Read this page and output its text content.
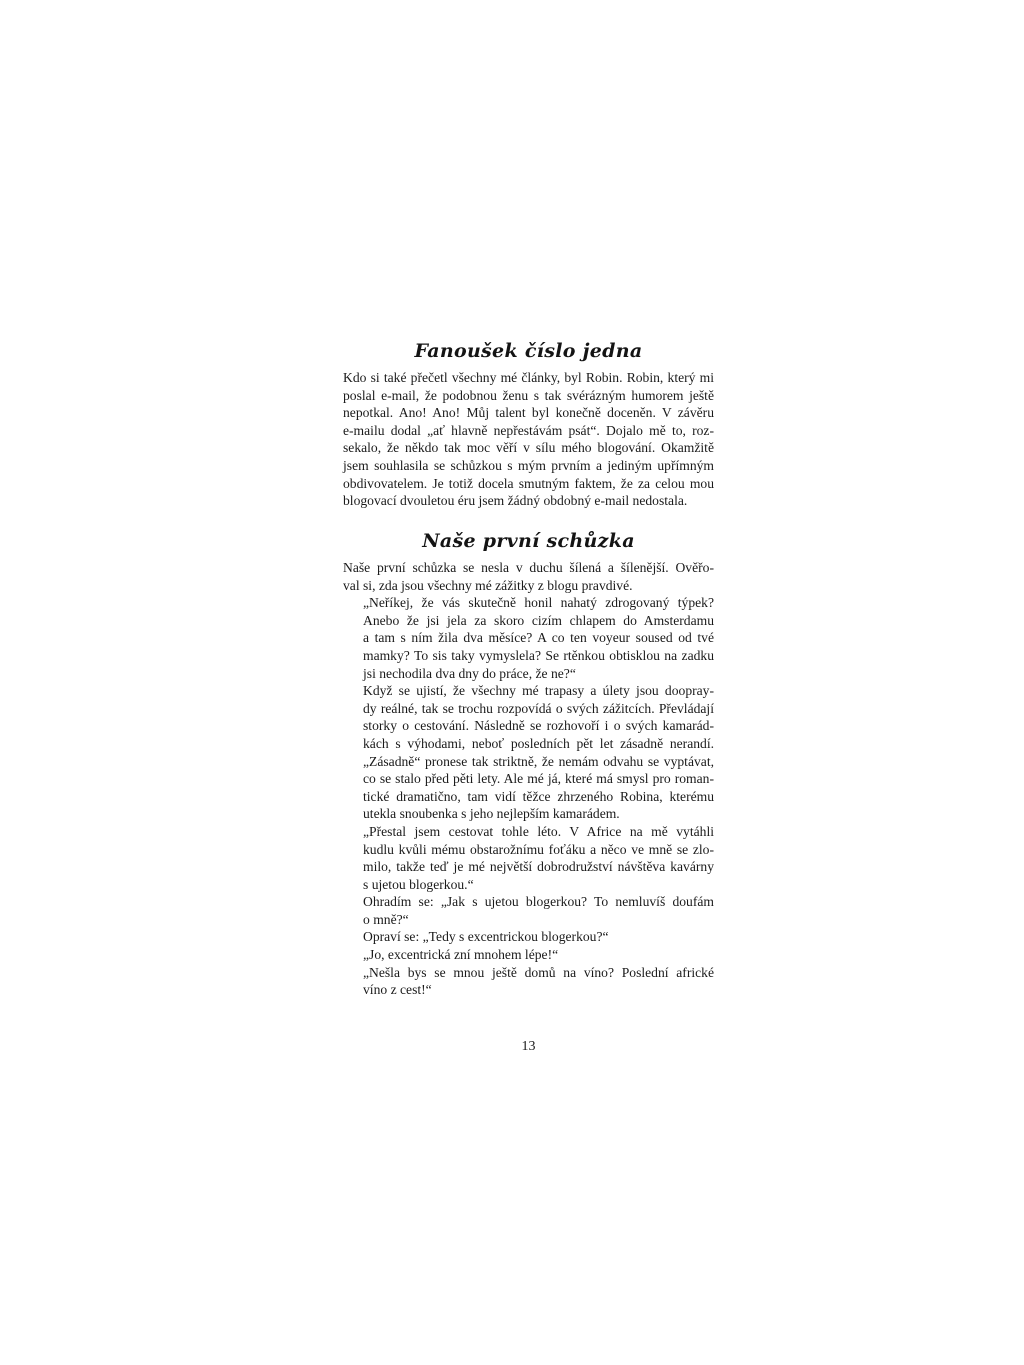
Fanoušek číslo jedna
Kdo si také přečetl všechny mé články, byl Robin. Robin, který mi
poslal e-mail, že podobnou ženu s tak svérázným humorem ještě
nepotkal. Ano! Ano! Můj talent byl konečně doceněn. V závěru
e-mailu dodal „ať hlavně nepřestávám psát“. Dojalo mě to, roz-
sekalo, že někdo tak moc věří v sílu mého blogování. Okamžitě
jsem souhlasila se schůzkou s mým prvním a jediným upřímným
obdivovatelem. Je totiž docela smutným faktem, že za celou mou
blogovací dvouletou éru jsem žádný obdobný e-mail nedostala.
Naše první schůzka
Naše první schůzka se nesla v duchu šílená a šílenější. Ověřo-
val si, zda jsou všechny mé zážitky z blogu pravdivé.
„Neříkej, že vás skutečně honil nahatý zdrogovaný týpek?
Anebo že jsi jela za skoro cizím chlapem do Amsterdamu
a tam s ním žila dva měsíce? A co ten voyeur soused od tvé
mamky? To sis taky vymyslela? Se rtěnkou obtisklou na zadku
jsi nechodila dva dny do práce, že ne?“
Když se ujistí, že všechny mé trapasy a úlety jsou doopray-
dy reálné, tak se trochu rozpovídá o svých zážitcích. Převládají
storky o cestování. Následně se rozhovoří i o svých kamarád-
kách s výhodami, neboť posledních pět let zásadně nerandí.
„Zásadně“ pronese tak striktně, že nemám odvahu se vyptávat,
co se stalo před pěti lety. Ale mé já, které má smysl pro roman-
tické dramatično, tam vidí těžce zhrzeného Robina, kterému
utekla snoubenka s jeho nejlepším kamarádem.
„Přestal jsem cestovat tohle léto. V Africe na mě vytáhli
kudlu kvůli mému obstarožnímu foťáku a něco ve mně se zlo-
milo, takže teď je mé největší dobrodružství návštěva kavárny
s ujetou blogerkou.“
Ohradím se: „Jak s ujetou blogerkou? To nemluvíš doufám
o mně?“
Opraví se: „Tedy s excentrickou blogerkou?“
„Jo, excentrická zní mnohem lépe!“
„Nešla bys se mnou ještě domů na víno? Poslední africké
víno z cest!“
13
